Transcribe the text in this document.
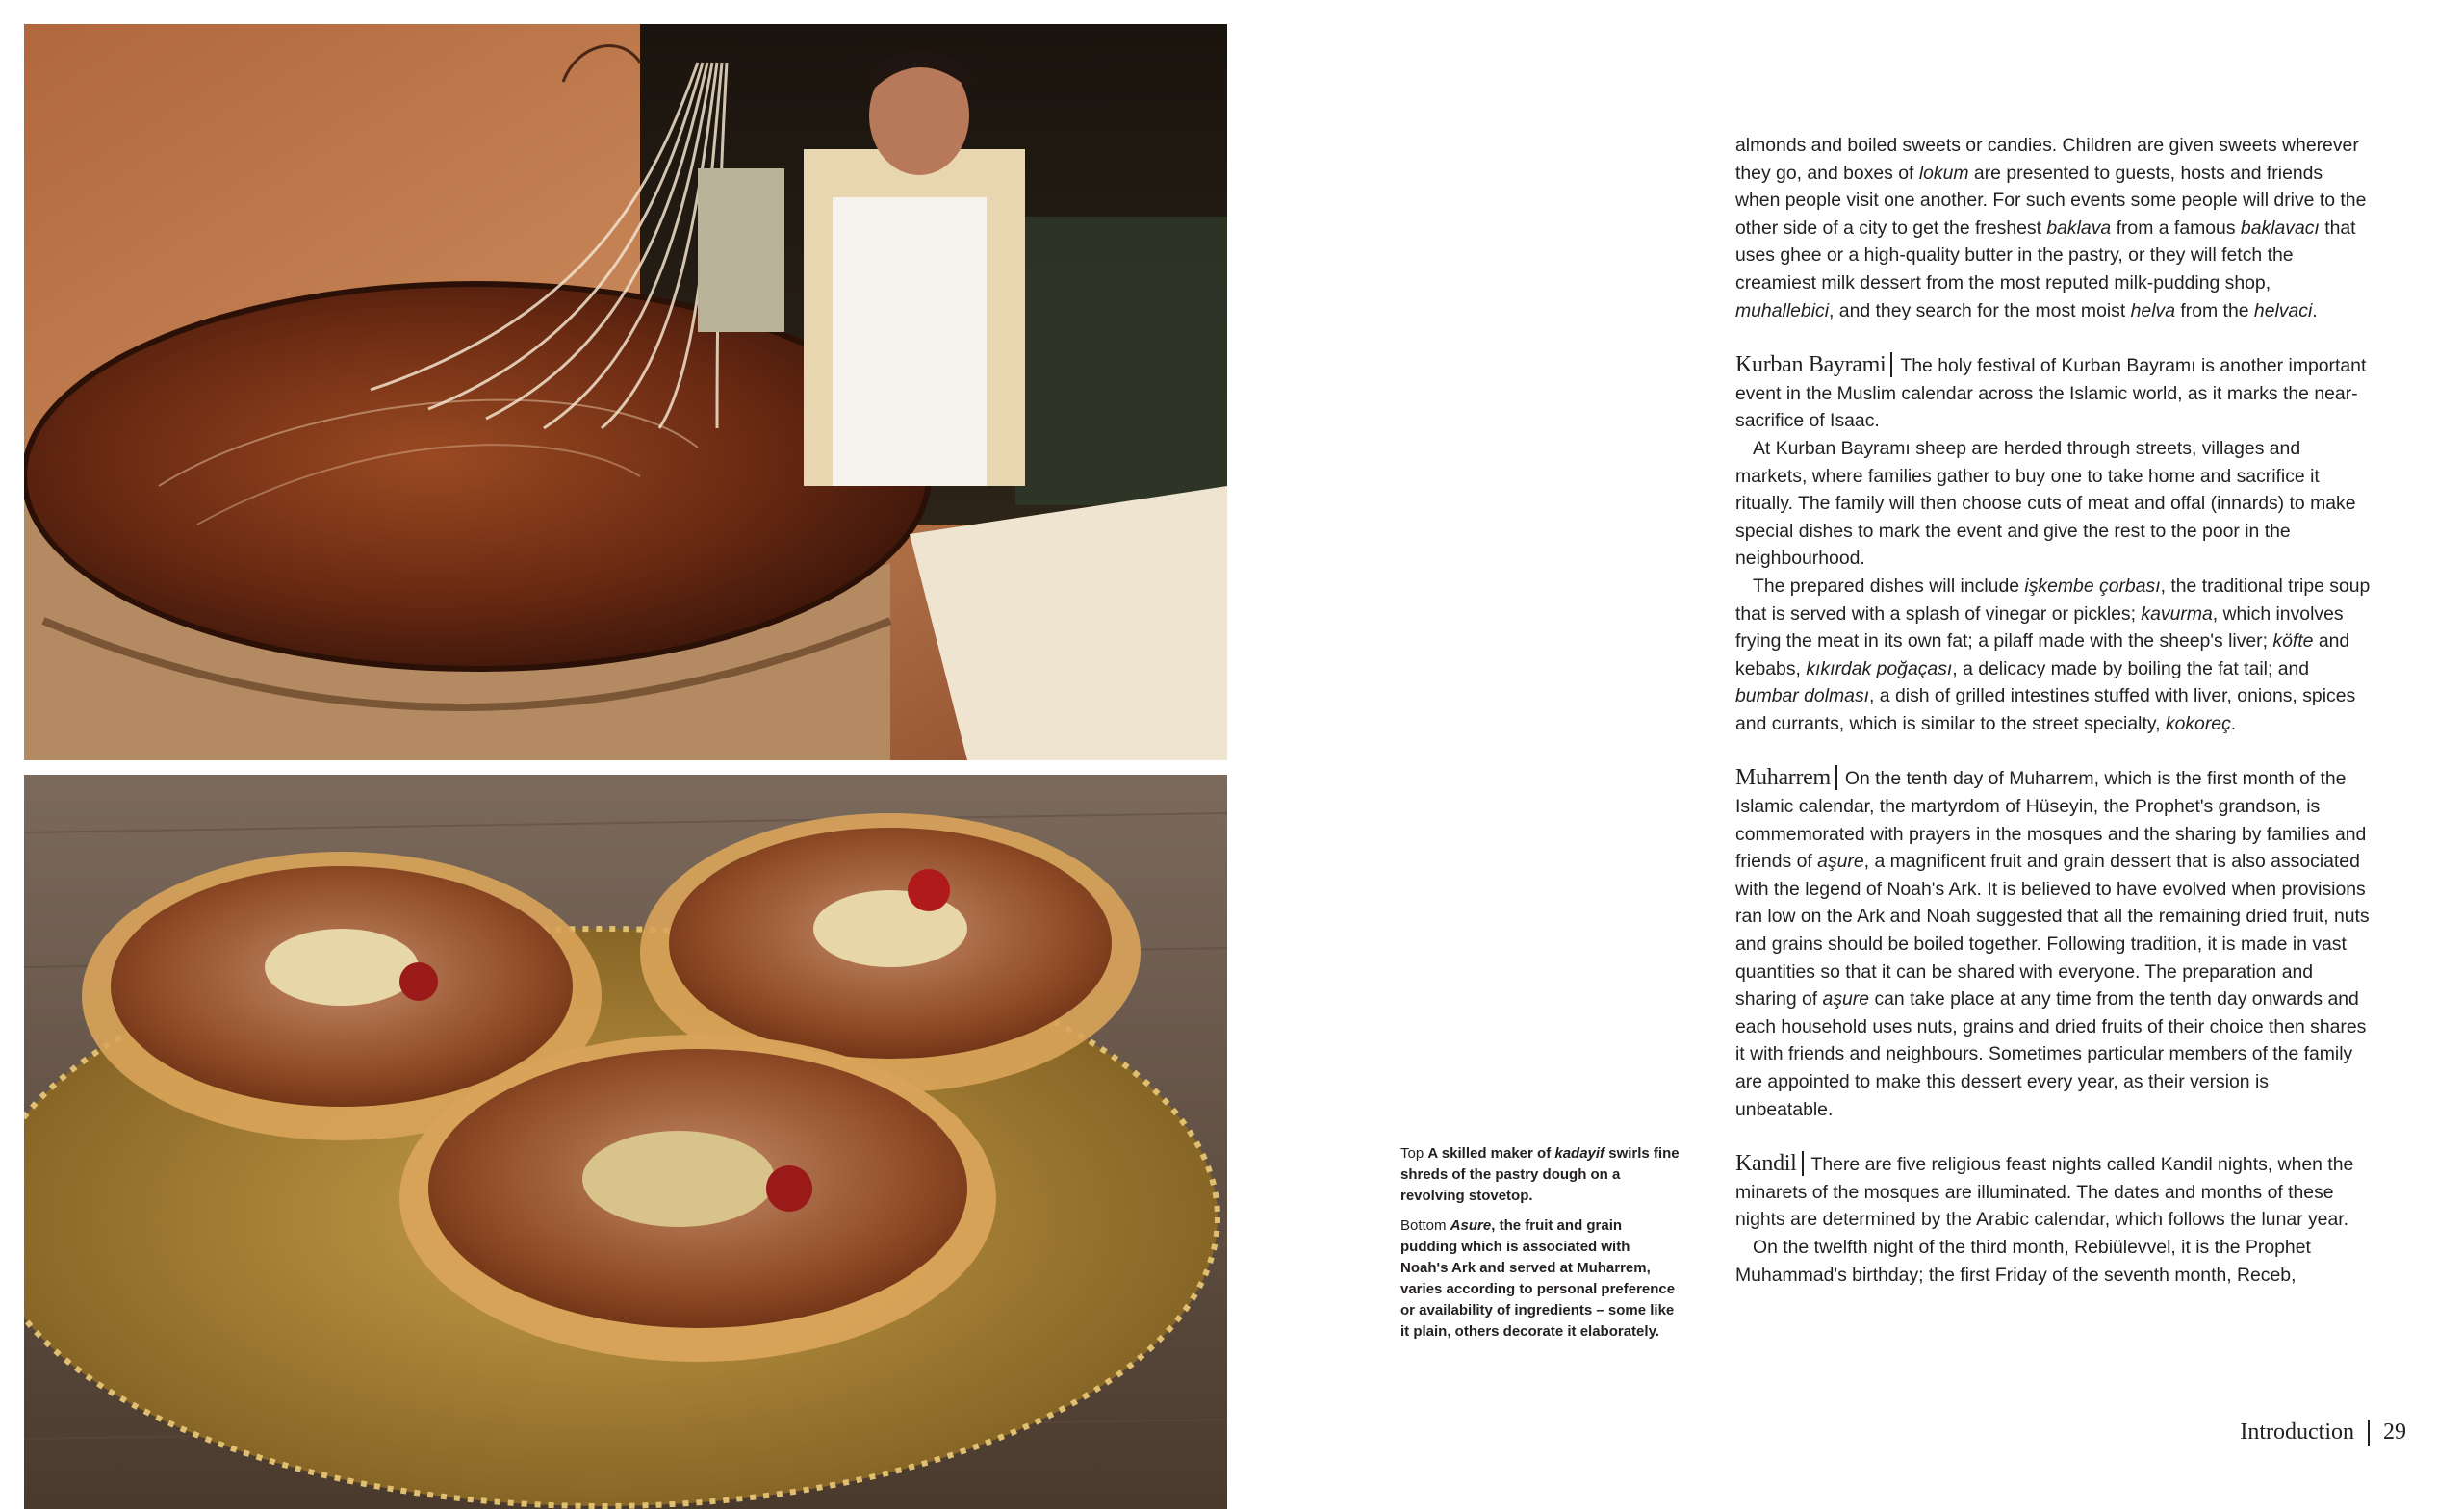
Top A skilled maker of kadayif swirls fine shreds of the pastry dough on a revolving stovetop.

Bottom Asure, the fruit and grain pudding which is associated with Noah's Ark and served at Muharrem, varies according to personal preference or availability of ingredients – some like it plain, others decorate it elaborately.

almonds and boiled sweets or candies. Children are given sweets wherever they go, and boxes of lokum are presented to guests, hosts and friends when people visit one another. For such events some people will drive to the other side of a city to get the freshest baklava from a famous baklavacı that uses ghee or a high-quality butter in the pastry, or they will fetch the creamiest milk dessert from the most reputed milk-pudding shop, muhallebici, and they search for the most moist helva from the helvaci.

Kurban Bayrami The holy festival of Kurban Bayramı is another important event in the Muslim calendar across the Islamic world, as it marks the near-sacrifice of Isaac.

At Kurban Bayramı sheep are herded through streets, villages and markets, where families gather to buy one to take home and sacrifice it ritually. The family will then choose cuts of meat and offal (innards) to make special dishes to mark the event and give the rest to the poor in the neighbourhood.

The prepared dishes will include işkembe çorbası, the traditional tripe soup that is served with a splash of vinegar or pickles; kavurma, which involves frying the meat in its own fat; a pilaff made with the sheep's liver; köfte and kebabs, kıkırdak poğaçası, a delicacy made by boiling the fat tail; and bumbar dolması, a dish of grilled intestines stuffed with liver, onions, spices and currants, which is similar to the street specialty, kokoreç.

Muharrem On the tenth day of Muharrem, which is the first month of the Islamic calendar, the martyrdom of Hüseyin, the Prophet's grandson, is commemorated with prayers in the mosques and the sharing by families and friends of aşure, a magnificent fruit and grain dessert that is also associated with the legend of Noah's Ark. It is believed to have evolved when provisions ran low on the Ark and Noah suggested that all the remaining dried fruit, nuts and grains should be boiled together. Following tradition, it is made in vast quantities so that it can be shared with everyone. The preparation and sharing of aşure can take place at any time from the tenth day onwards and each household uses nuts, grains and dried fruits of their choice then shares it with friends and neighbours. Sometimes particular members of the family are appointed to make this dessert every year, as their version is unbeatable.

Kandil There are five religious feast nights called Kandil nights, when the minarets of the mosques are illuminated. The dates and months of these nights are determined by the Arabic calendar, which follows the lunar year.

On the twelfth night of the third month, Rebiülevvel, it is the Prophet Muhammad's birthday; the first Friday of the seventh month, Receb,

Introduction	29
